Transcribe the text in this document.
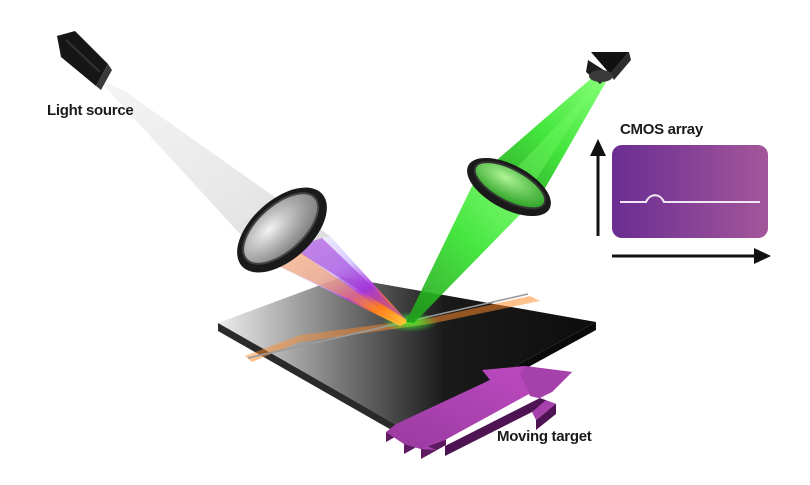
Light source
CMOS array
Moving target
